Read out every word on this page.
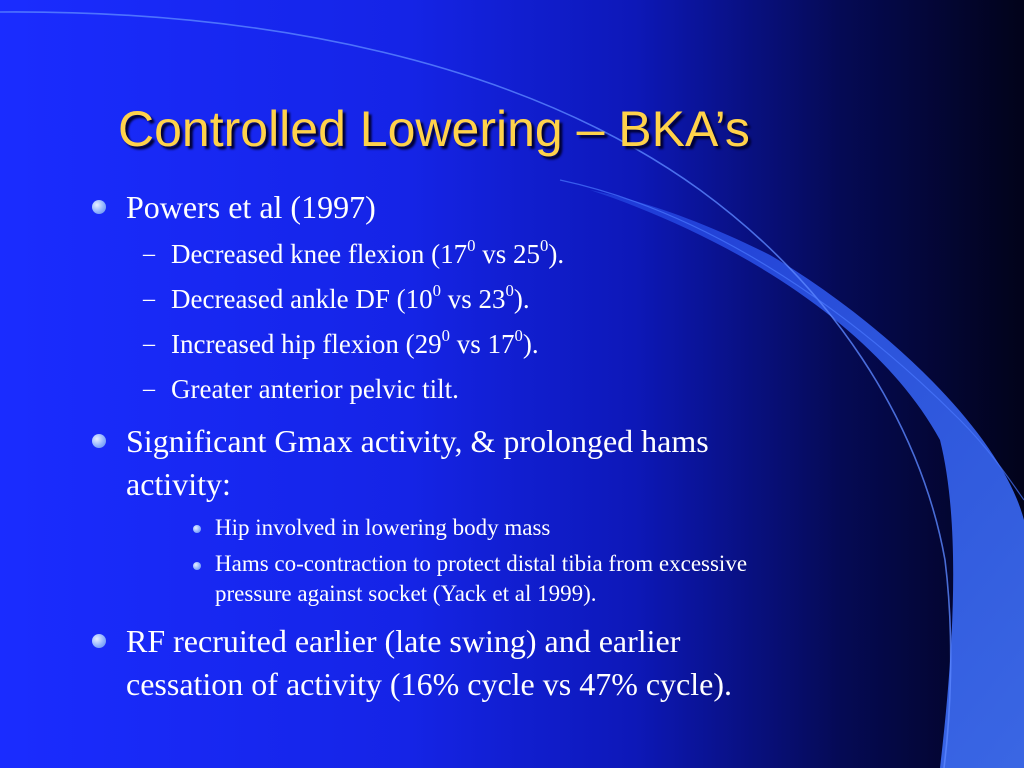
Controlled Lowering – BKA’s
Powers et al (1997)
– Decreased knee flexion ($17^0$ vs $25^0$).
– Decreased ankle DF ($10^0$ vs $23^0$).
– Increased hip flexion ($29^0$ vs $17^0$).
– Greater anterior pelvic tilt.
Significant Gmax activity, & prolonged hams
activity:
Hip involved in lowering body mass
Hams co-contraction to protect distal tibia from excessive
pressure against socket (Yack et al 1999).
RF recruited earlier (late swing) and earlier
cessation of activity (16% cycle vs 47% cycle).
